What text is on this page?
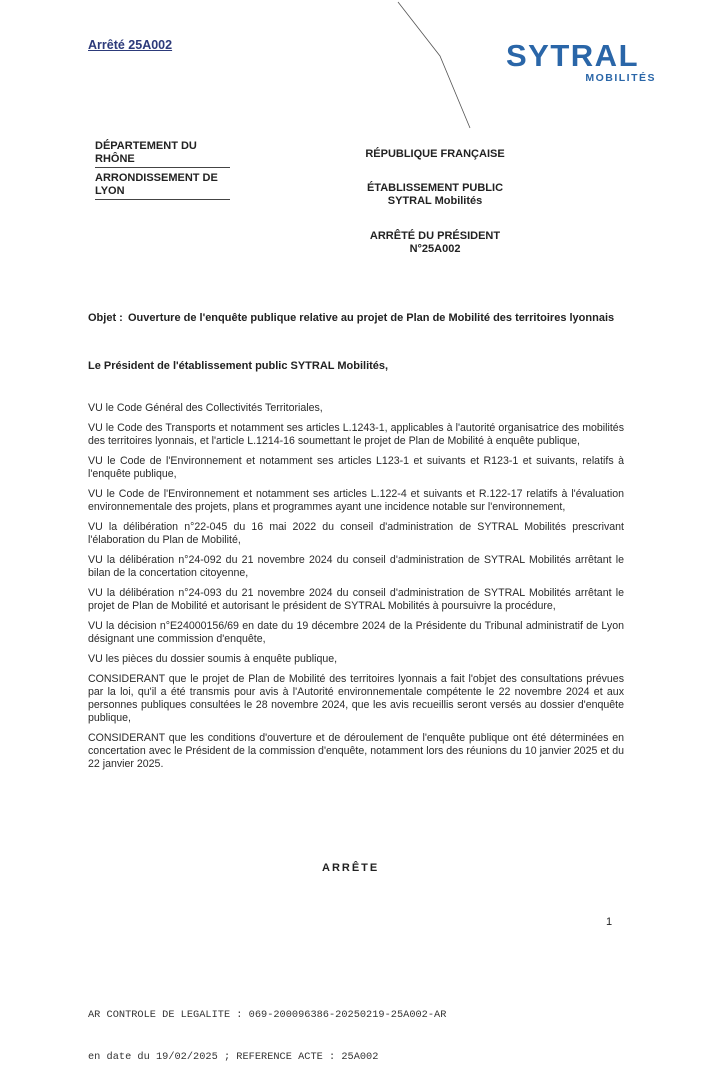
Arrêté 25A002	SYTRAL
MOBILITÉS
DÉPARTEMENT DU RHÔNE
ARRONDISSEMENT DE LYON
RÉPUBLIQUE FRANÇAISE
ÉTABLISSEMENT PUBLIC
SYTRAL Mobilités
ARRÊTÉ DU PRÉSIDENT
N°25A002
Objet : Ouverture de l'enquête publique relative au projet de Plan de Mobilité des territoires lyonnais
Le Président de l'établissement public SYTRAL Mobilités,

VU le Code Général des Collectivités Territoriales,

VU le Code des Transports et notamment ses articles L.1243-1, applicables à l'autorité organisatrice des mobilités des territoires lyonnais, et l'article L.1214-16 soumettant le projet de Plan de Mobilité à enquête publique,

VU le Code de l'Environnement et notamment ses articles L123-1 et suivants et R123-1 et suivants, relatifs à l'enquête publique,

VU le Code de l'Environnement et notamment ses articles L.122-4 et suivants et R.122-17 relatifs à l'évaluation environnementale des projets, plans et programmes ayant une incidence notable sur l'environnement,

VU la délibération n°22-045 du 16 mai 2022 du conseil d'administration de SYTRAL Mobilités prescrivant l'élaboration du Plan de Mobilité,

VU la délibération n°24-092 du 21 novembre 2024 du conseil d'administration de SYTRAL Mobilités arrêtant le bilan de la concertation citoyenne,

VU la délibération n°24-093 du 21 novembre 2024 du conseil d'administration de SYTRAL Mobilités arrêtant le projet de Plan de Mobilité et autorisant le président de SYTRAL Mobilités à poursuivre la procédure,

VU la décision n°E24000156/69 en date du 19 décembre 2024 de la Présidente du Tribunal administratif de Lyon désignant une commission d'enquête,

VU les pièces du dossier soumis à enquête publique,

CONSIDERANT que le projet de Plan de Mobilité des territoires lyonnais a fait l'objet des consultations prévues par la loi, qu'il a été transmis pour avis à l'Autorité environnementale compétente le 22 novembre 2024 et aux personnes publiques consultées le 28 novembre 2024, que les avis recueillis seront versés au dossier d'enquête publique,

CONSIDERANT que les conditions d'ouverture et de déroulement de l'enquête publique ont été déterminées en concertation avec le Président de la commission d'enquête, notamment lors des réunions du 10 janvier 2025 et du 22 janvier 2025.

ARRÊTE
1

AR CONTROLE DE LEGALITE : 069-200096386-20250219-25A002-AR

en date du 19/02/2025 ; REFERENCE ACTE : 25A002
